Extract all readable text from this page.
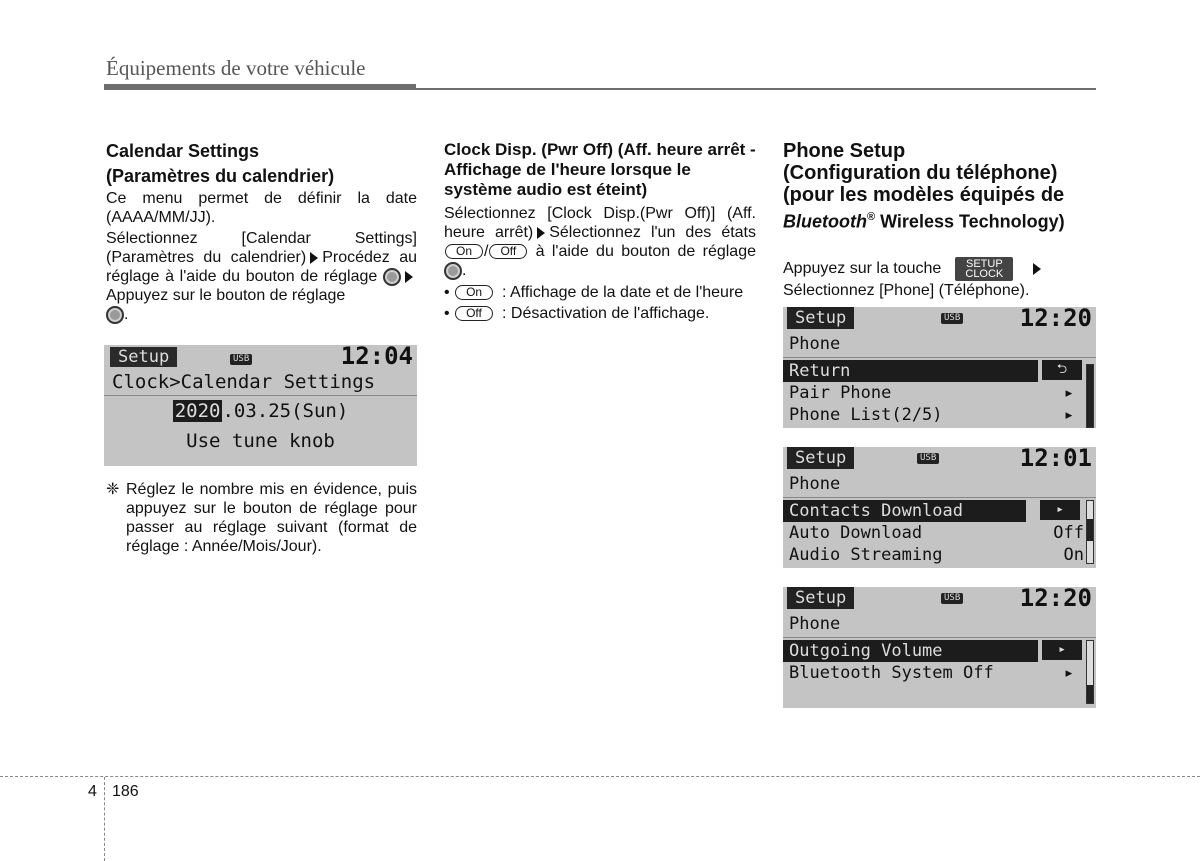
Équipements de votre véhicule
Calendar Settings
(Paramètres du calendrier)

Ce menu permet de définir la date (AAAA/MM/JJ).

Sélectionnez [Calendar Settings] (Paramètres du calendrier) Procédez au réglage à l'aide du bouton de réglage Appuyez sur le bouton de réglage
.

Setup	USB	12:04
Clock>Calendar Settings
2020 .03.25(Sun)
Use tune knob
❈ Réglez le nombre mis en évidence, puis appuyez sur le bouton de réglage pour passer au réglage suivant (format de réglage : Année/Mois/Jour).
Clock Disp. (Pwr Off) (Aff. heure arrêt - Affichage de l'heure lorsque le système audio est éteint)

Sélectionnez [Clock Disp.(Pwr Off)] (Aff. heure arrêt) Sélectionnez l'un des états On / Off à l'aide du bouton de réglage .

• On	: Affichage de la date et de l'heure
• Off	: Désactivation de l'affichage.
Phone Setup
(Configuration du téléphone)
(pour les modèles équipés de
Bluetooth® Wireless Technology)

Appuyez sur la touche	SETUP
CLOCK

Sélectionnez [Phone] (Téléphone).

Setup	USB 12:20
Phone
Return	⮌
Pair Phone	▸
Phone List(2/5)	▸
Setup	USB	12:01
Phone
Contacts Download	▸
Auto Download	Off
Audio Streaming	On
Setup	USB 12:20
Phone
Outgoing Volume	▸
Bluetooth System Off	▸
4 186
